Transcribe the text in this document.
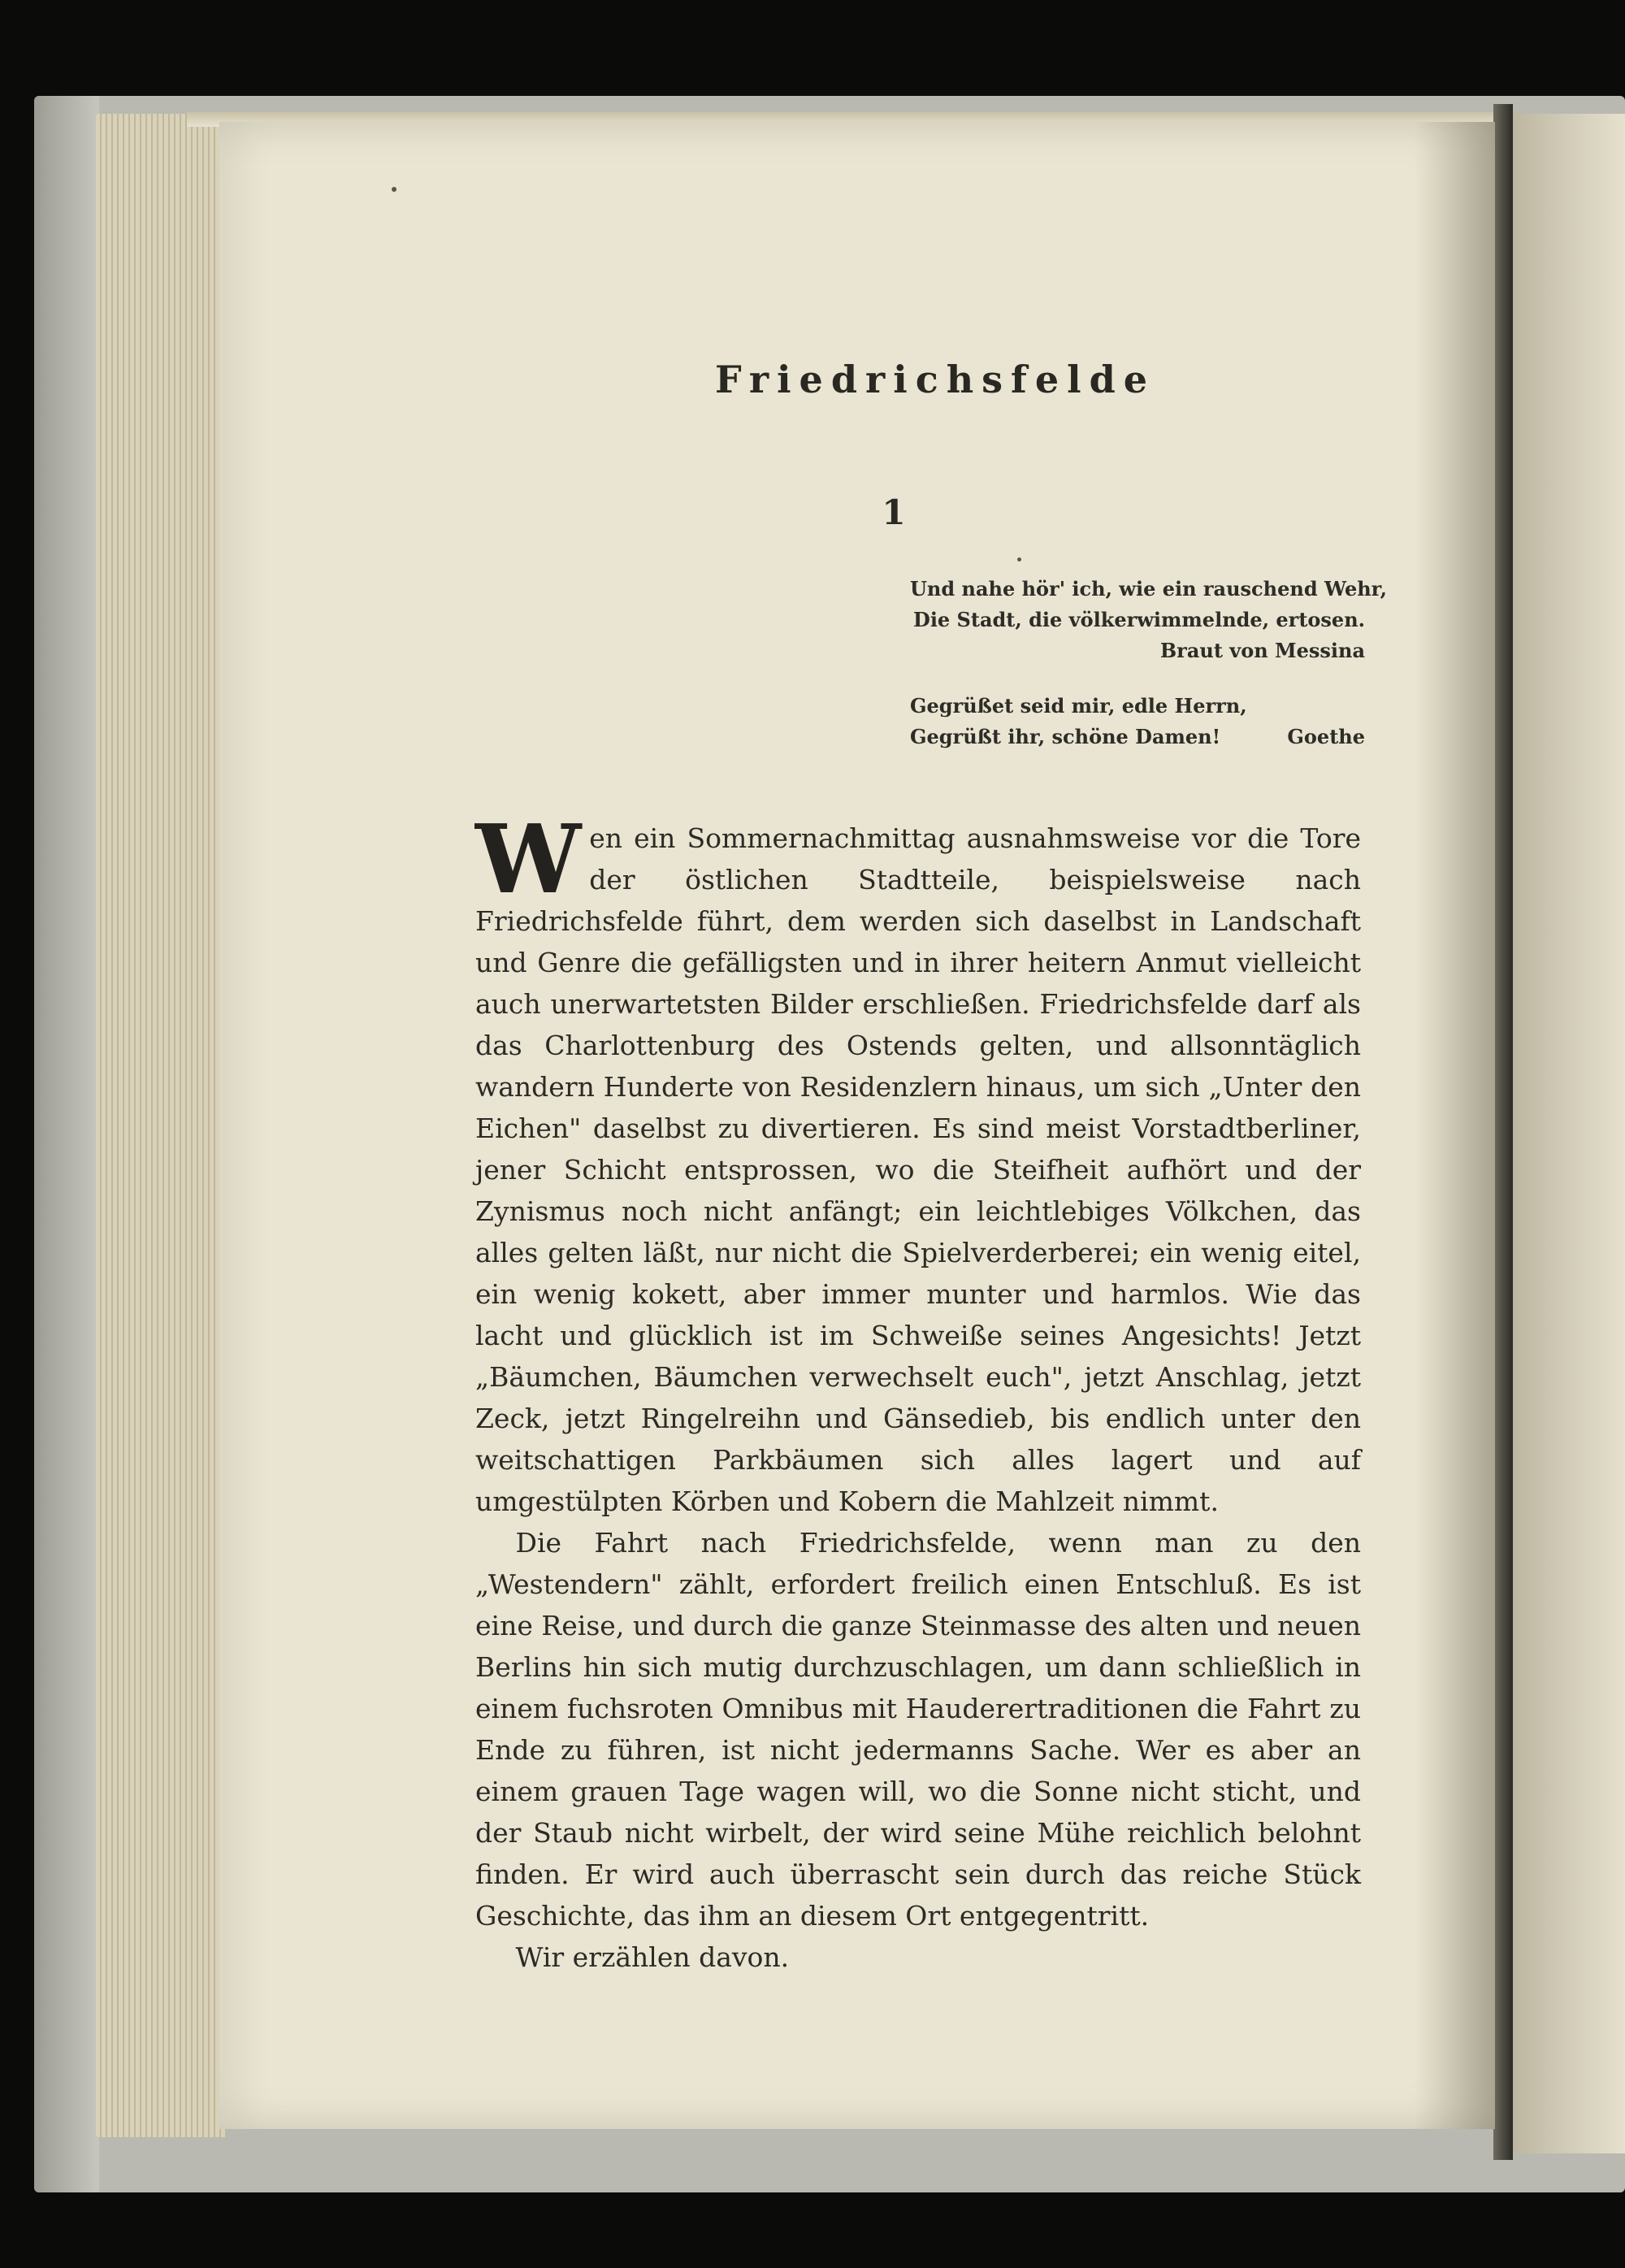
Friedrichsfelde
1
Und nahe hör' ich, wie ein rauschend Wehr,
Die Stadt, die völkerwimmelnde, ertosen.
Braut von Messina
Gegrüßet seid mir, edle Herrn,
Gegrüßt ihr, schöne Damen!	Goethe

Wen ein Sommernachmittag ausnahmsweise vor die Tore der östlichen Stadtteile, beispielsweise nach Friedrichsfelde führt, dem werden sich daselbst in Landschaft und Genre die gefälligsten und in ihrer heitern Anmut vielleicht auch unerwartetsten Bilder erschließen. Friedrichsfelde darf als das Charlottenburg des Ostends gelten, und allsonntäglich wandern Hunderte von Residenzlern hinaus, um sich „Unter den Eichen" daselbst zu divertieren. Es sind meist Vorstadtberliner, jener Schicht entsprossen, wo die Steifheit aufhört und der Zynismus noch nicht anfängt; ein leichtlebiges Völkchen, das alles gelten läßt, nur nicht die Spielverderberei; ein wenig eitel, ein wenig kokett, aber immer munter und harmlos. Wie das lacht und glücklich ist im Schweiße seines Angesichts! Jetzt „Bäumchen, Bäumchen verwechselt euch", jetzt Anschlag, jetzt Zeck, jetzt Ringelreihn und Gänsedieb, bis endlich unter den weitschattigen Parkbäumen sich alles lagert und auf umgestülpten Körben und Kobern die Mahlzeit nimmt.

Die Fahrt nach Friedrichsfelde, wenn man zu den „Westendern" zählt, erfordert freilich einen Entschluß. Es ist eine Reise, und durch die ganze Steinmasse des alten und neuen Berlins hin sich mutig durchzuschlagen, um dann schließlich in einem fuchsroten Omnibus mit Hauderertraditionen die Fahrt zu Ende zu führen, ist nicht jedermanns Sache. Wer es aber an einem grauen Tage wagen will, wo die Sonne nicht sticht, und der Staub nicht wirbelt, der wird seine Mühe reichlich belohnt finden. Er wird auch überrascht sein durch das reiche Stück Geschichte, das ihm an diesem Ort entgegentritt.

Wir erzählen davon.
